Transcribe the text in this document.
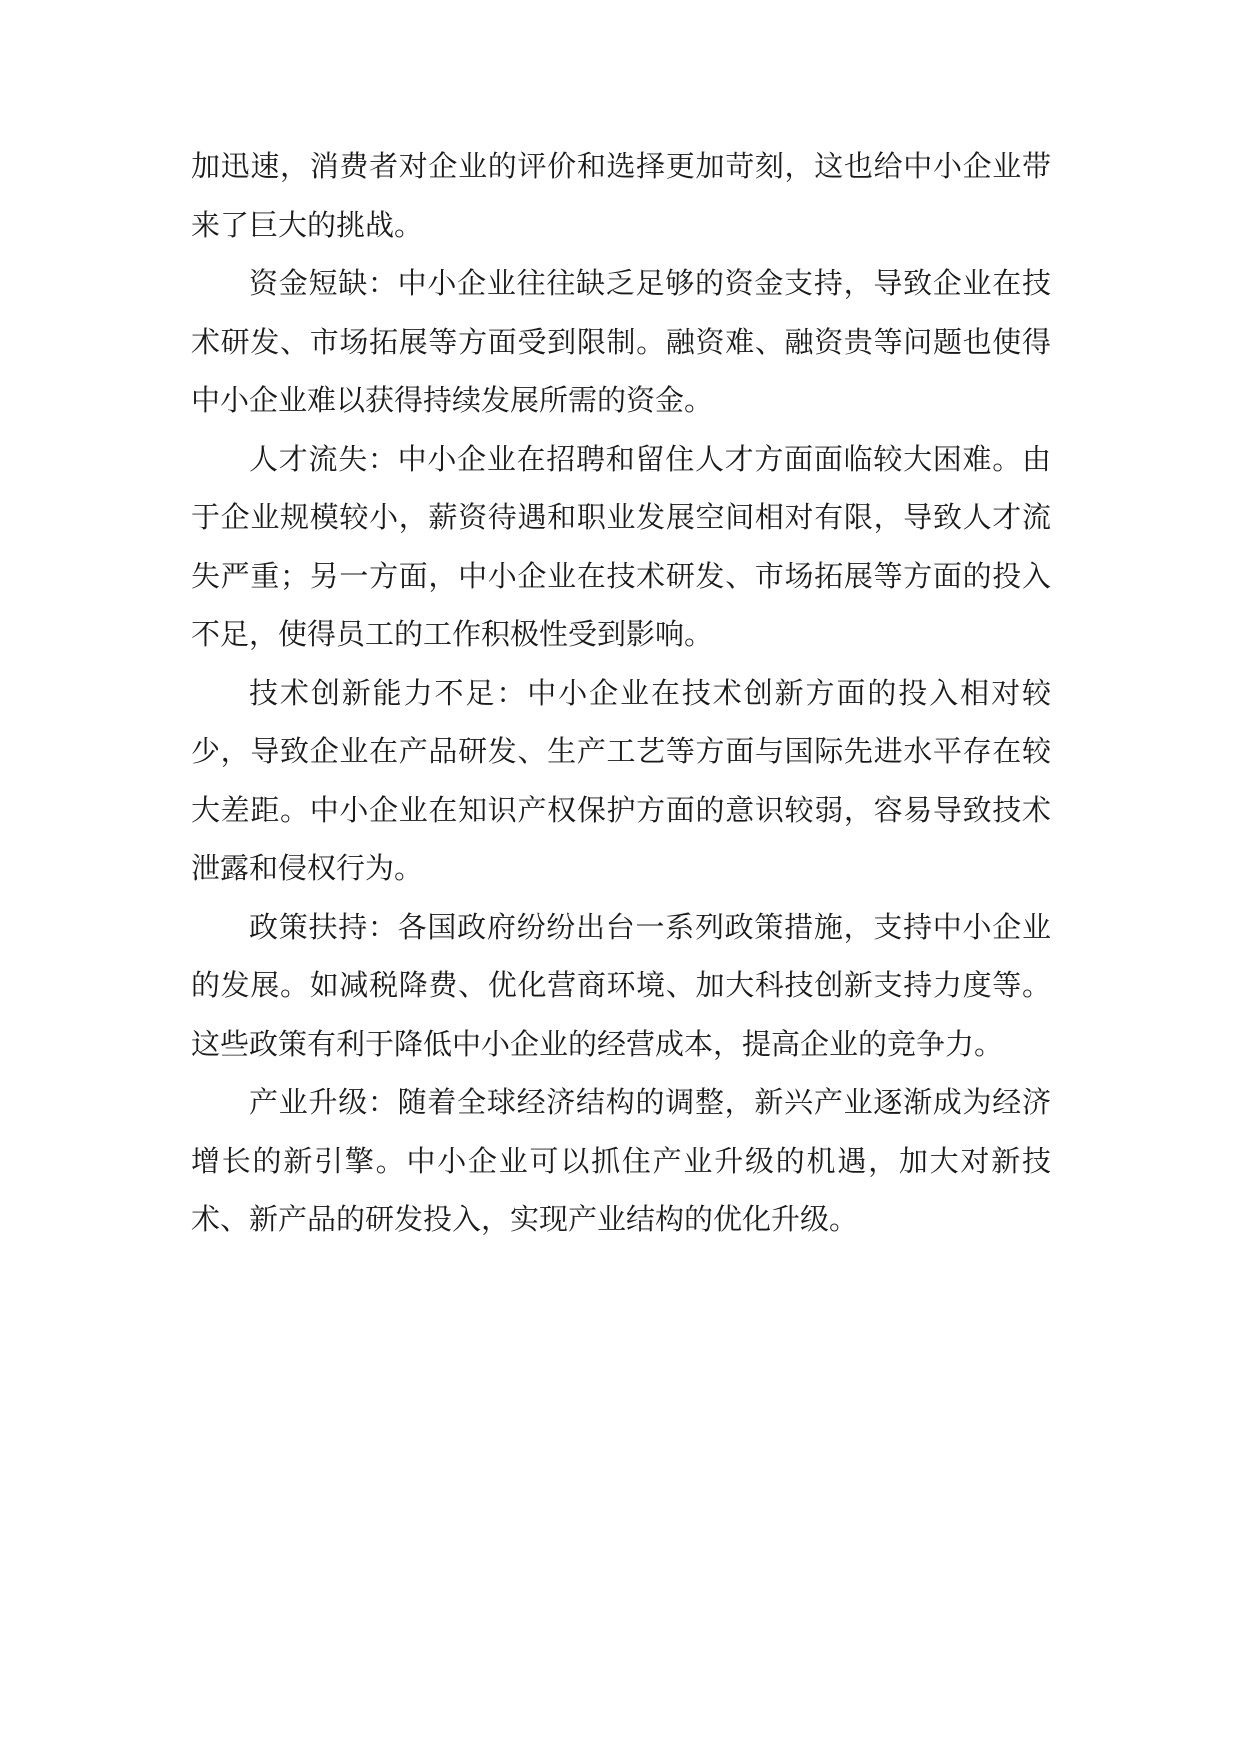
加迅速，消费者对企业的评价和选择更加苛刻，这也给中小企业带来了巨大的挑战。

资金短缺：中小企业往往缺乏足够的资金支持，导致企业在技术研发、市场拓展等方面受到限制。融资难、融资贵等问题也使得中小企业难以获得持续发展所需的资金。

人才流失：中小企业在招聘和留住人才方面面临较大困难。由于企业规模较小，薪资待遇和职业发展空间相对有限，导致人才流失严重；另一方面，中小企业在技术研发、市场拓展等方面的投入不足，使得员工的工作积极性受到影响。

技术创新能力不足：中小企业在技术创新方面的投入相对较少，导致企业在产品研发、生产工艺等方面与国际先进水平存在较大差距。中小企业在知识产权保护方面的意识较弱，容易导致技术泄露和侵权行为。

政策扶持：各国政府纷纷出台一系列政策措施，支持中小企业的发展。如减税降费、优化营商环境、加大科技创新支持力度等。这些政策有利于降低中小企业的经营成本，提高企业的竞争力。

产业升级：随着全球经济结构的调整，新兴产业逐渐成为经济增长的新引擎。中小企业可以抓住产业升级的机遇，加大对新技术、新产品的研发投入，实现产业结构的优化升级。
